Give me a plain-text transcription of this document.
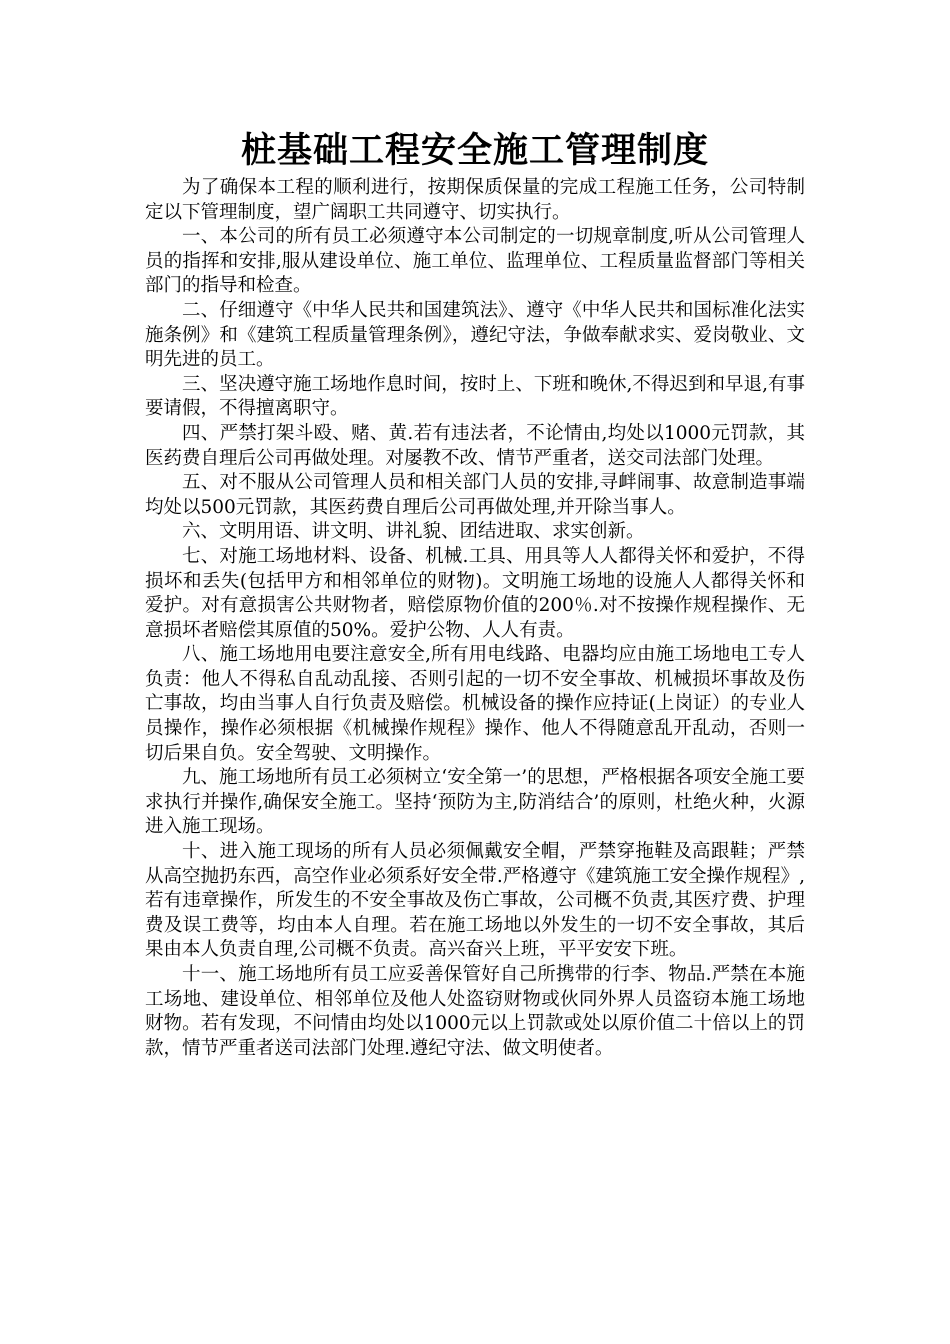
桩基础工程安全施工管理制度

为了确保本工程的顺利进行，按期保质保量的完成工程施工任务，公司特制定以下管理制度，望广阔职工共同遵守、切实执行。

一、本公司的所有员工必须遵守本公司制定的一切规章制度,听从公司管理人员的指挥和安排,服从建设单位、施工单位、监理单位、工程质量监督部门等相关部门的指导和检查。

二、仔细遵守《中华人民共和国建筑法》、遵守《中华人民共和国标准化法实施条例》和《建筑工程质量管理条例》，遵纪守法，争做奉献求实、爱岗敬业、文明先进的员工。

三、坚决遵守施工场地作息时间，按时上、下班和晚休,不得迟到和早退,有事要请假，不得擅离职守。

四、严禁打架斗殴、赌、黄.若有违法者，不论情由,均处以1000元罚款，其医药费自理后公司再做处理。对屡教不改、情节严重者，送交司法部门处理。

五、对不服从公司管理人员和相关部门人员的安排,寻衅闹事、故意制造事端均处以500元罚款，其医药费自理后公司再做处理,并开除当事人。

六、文明用语、讲文明、讲礼貌、团结进取、求实创新。

七、对施工场地材料、设备、机械.工具、用具等人人都得关怀和爱护，不得损坏和丢失(包括甲方和相邻单位的财物)。文明施工场地的设施人人都得关怀和爱护。对有意损害公共财物者，赔偿原物价值的200％.对不按操作规程操作、无意损坏者赔偿其原值的50%。爱护公物、人人有责。

八、施工场地用电要注意安全,所有用电线路、电器均应由施工场地电工专人负责：他人不得私自乱动乱接、否则引起的一切不安全事故、机械损坏事故及伤亡事故，均由当事人自行负责及赔偿。机械设备的操作应持证(上岗证）的专业人员操作，操作必须根据《机械操作规程》操作、他人不得随意乱开乱动，否则一切后果自负。安全驾驶、文明操作。

九、施工场地所有员工必须树立‘安全第一’的思想，严格根据各项安全施工要求执行并操作,确保安全施工。坚持‘预防为主,防消结合’的原则，杜绝火种，火源进入施工现场。

十、进入施工现场的所有人员必须佩戴安全帽，严禁穿拖鞋及高跟鞋；严禁从高空抛扔东西，高空作业必须系好安全带.严格遵守《建筑施工安全操作规程》,若有违章操作，所发生的不安全事故及伤亡事故，公司概不负责,其医疗费、护理费及误工费等，均由本人自理。若在施工场地以外发生的一切不安全事故，其后果由本人负责自理,公司概不负责。高兴奋兴上班，平平安安下班。

十一、施工场地所有员工应妥善保管好自己所携带的行李、物品.严禁在本施工场地、建设单位、相邻单位及他人处盗窃财物或伙同外界人员盗窃本施工场地财物。若有发现，不问情由均处以1000元以上罚款或处以原价值二十倍以上的罚款，情节严重者送司法部门处理.遵纪守法、做文明使者。
